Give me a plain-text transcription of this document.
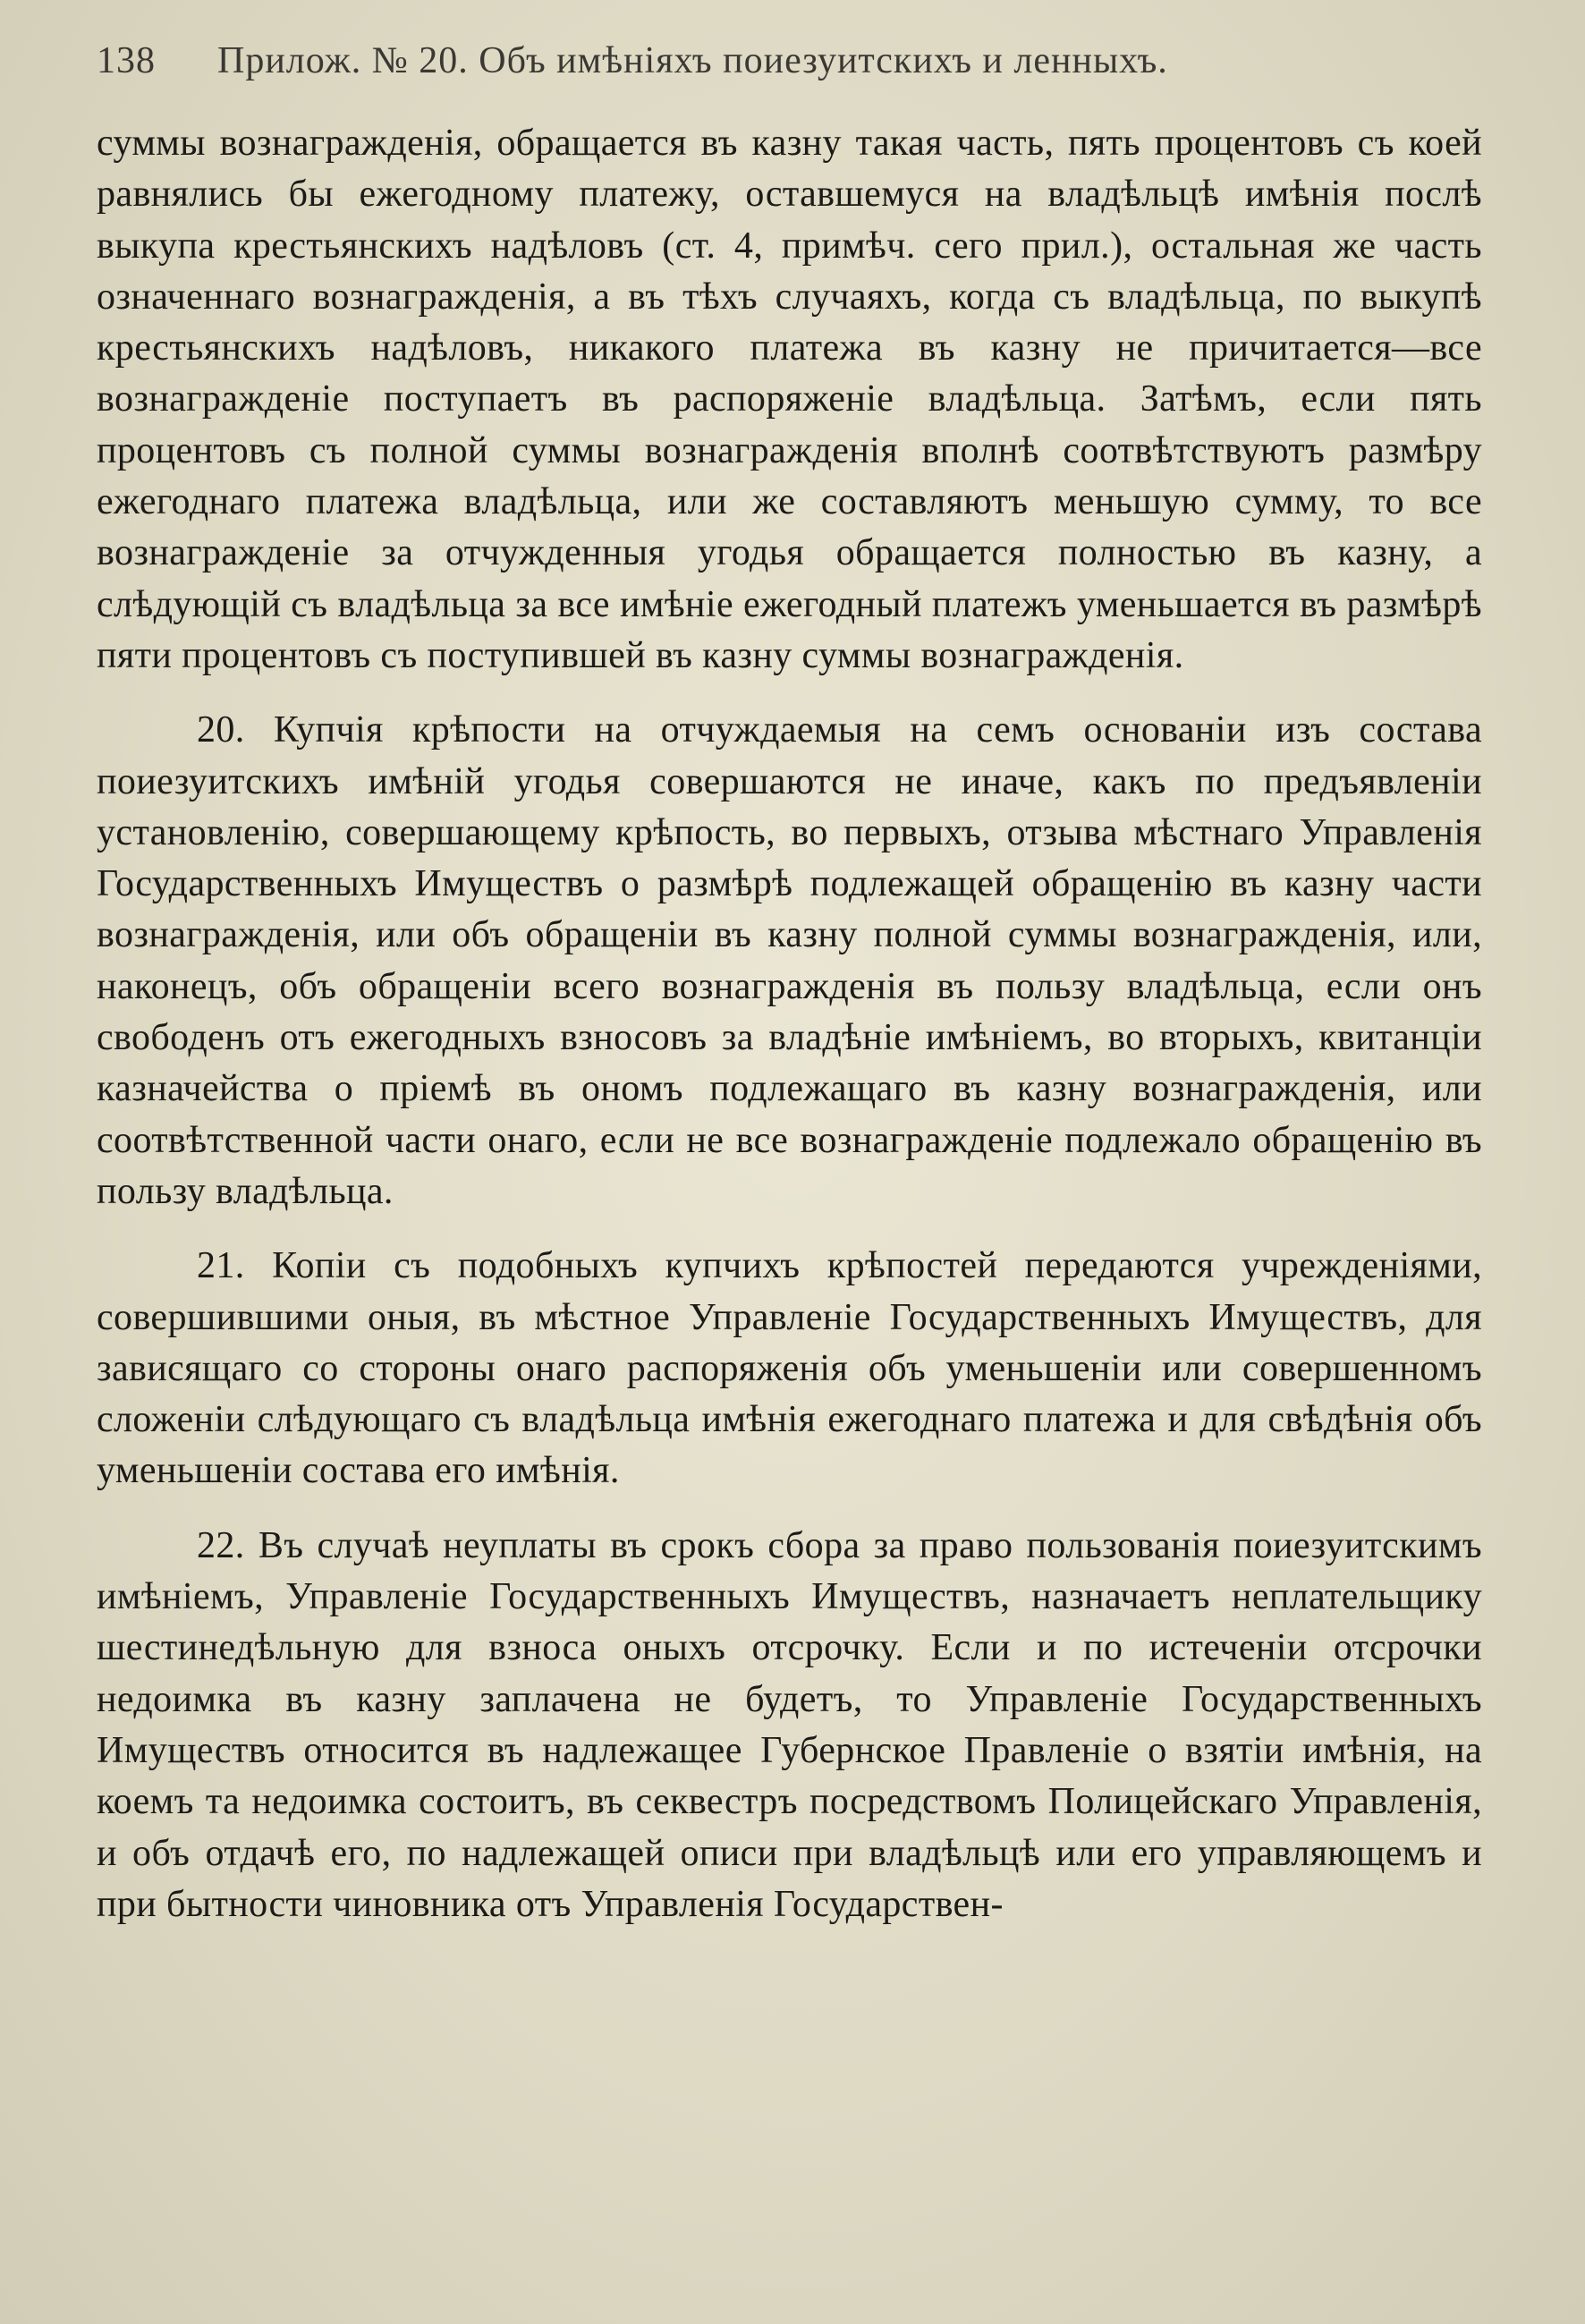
138	Прилож. № 20. Объ имѣніяхъ поиезуитскихъ и ленныхъ.

суммы вознагражденія, обращается въ казну такая часть, пять процентовъ съ коей равнялись бы ежегодному платежу, оставшемуся на владѣльцѣ имѣнія послѣ выкупа крестьянскихъ надѣловъ (ст. 4, примѣч. сего прил.), остальная же часть означеннаго вознагражденія, а въ тѣхъ случаяхъ, когда съ владѣльца, по выкупѣ крестьянскихъ надѣловъ, никакого платежа въ казну не причитается—все вознагражденіе поступаетъ въ распоряженіе владѣльца. Затѣмъ, если пять процентовъ съ полной суммы вознагражденія вполнѣ соотвѣтствуютъ размѣру ежегоднаго платежа владѣльца, или же составляютъ меньшую сумму, то все вознагражденіе за отчужденныя угодья обращается полностью въ казну, а слѣдующій съ владѣльца за все имѣніе ежегодный платежъ уменьшается въ размѣрѣ пяти процентовъ съ поступившей въ казну суммы вознагражденія.

20. Купчія крѣпости на отчуждаемыя на семъ основаніи изъ состава поиезуитскихъ имѣній угодья совершаются не иначе, какъ по предъявленіи установленію, совершающему крѣпость, во первыхъ, отзыва мѣстнаго Управленія Государственныхъ Имуществъ о размѣрѣ подлежащей обращенію въ казну части вознагражденія, или объ обращеніи въ казну полной суммы вознагражденія, или, наконецъ, объ обращеніи всего вознагражденія въ пользу владѣльца, если онъ свободенъ отъ ежегодныхъ взносовъ за владѣніе имѣніемъ, во вторыхъ, квитанціи казначейства о пріемѣ въ ономъ подлежащаго въ казну вознагражденія, или соотвѣтственной части онаго, если не все вознагражденіе подлежало обращенію въ пользу владѣльца.

21. Копіи съ подобныхъ купчихъ крѣпостей передаются учрежденіями, совершившими оныя, въ мѣстное Управленіе Государственныхъ Имуществъ, для зависящаго со стороны онаго распоряженія объ уменьшеніи или совершенномъ сложеніи слѣдующаго съ владѣльца имѣнія ежегоднаго платежа и для свѣдѣнія объ уменьшеніи состава его имѣнія.

22. Въ случаѣ неуплаты въ срокъ сбора за право пользованія поиезуитскимъ имѣніемъ, Управленіе Государственныхъ Имуществъ, назначаетъ неплательщику шестинедѣльную для взноса оныхъ отсрочку. Если и по истеченіи отсрочки недоимка въ казну заплачена не будетъ, то Управленіе Государственныхъ Имуществъ относится въ надлежащее Губернское Правленіе о взятіи имѣнія, на коемъ та недоимка состоитъ, въ секвестръ посредствомъ Полицейскаго Управленія, и объ отдачѣ его, по надлежащей описи при владѣльцѣ или его управляющемъ и при бытности чиновника отъ Управленія Государствен-
